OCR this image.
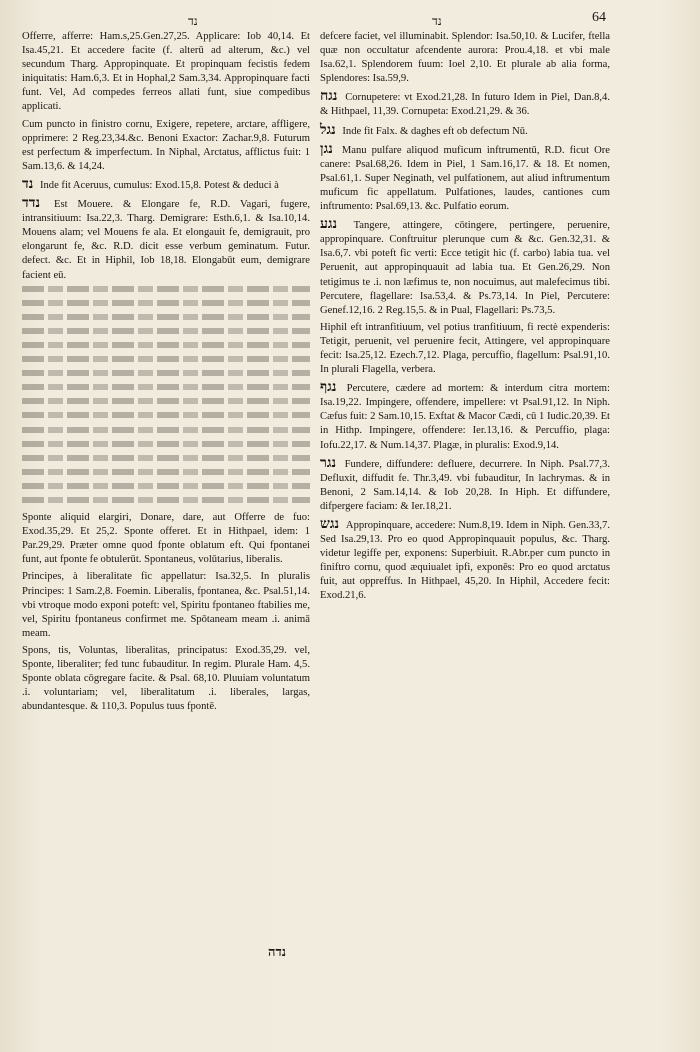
נד	נד	64

Offerre, afferre: Ham.s,25.Gen.27,25. Applicare: Iob 40,14. Et Isa.45,21. Et accedere facite (f. alterū ad alterum, &c.) vel secundum Tharg. Appropinquate. Et propinquam fecistis fedem iniquitatis: Ham.6,3. Et in Hophal,2 Sam.3,34. Appropinquare facti funt. Vel, Ad compedes ferreos allati funt, siue compedibus applicati.

Cum puncto in finistro cornu, Exigere, repetere, arctare, affligere, opprimere: 2 Reg.23,34.&c. Benoni Exactor: Zachar.9,8. Futurum est perfectum & imperfectum. In Niphal, Arctatus, afflictus fuit: 1 Sam.13,6. & 14,24.

נד Inde fit Aceruus, cumulus: Exod.15,8. Potest & deduci à

נדד Est Mouere. & Elongare fe, R.D. Vagari, fugere, intransitiuum: Isa.22,3. Tharg. Demigrare: Esth.6,1. & Isa.10,14. Mouens alam; vel Mouens fe ala. Et elongauit fe, demigrauit, pro elongarunt fe, &c. R.D. dicit esse verbum geminatum. Futur. defect. &c. Et in Hiphil, Iob 18,18. Elongabūt eum, demigrare facient eū.

Sponte aliquid elargiri, Donare, dare, aut Offerre de fuo: Exod.35,29. Et 25,2. Sponte offeret. Et in Hithpael, idem: 1 Par.29,29. Præter omne quod fponte oblatum eft. Qui fpontanei funt, aut fponte fe obtulerūt. Spontaneus, volūtarius, liberalis.

Principes, à liberalitate fic appellatur: Isa.32,5. In pluralis Principes: 1 Sam.2,8. Foemin. Liberalis, fpontanea, &c. Psal.51,14. vbi vtroque modo exponi poteft: vel, Spiritu fpontaneo ftabilies me, vel, Spiritu fpontaneus confirmet me. Spōtaneam meam .i. animā meam.

Spons, tis, Voluntas, liberalitas, principatus: Exod.35,29. vel, Sponte, liberaliter; fed tunc fubauditur. In regim. Plurale Ham. 4,5. Sponte oblata cōgregare facite. & Psal. 68,10. Pluuiam voluntatum .i. voluntariam; vel, liberalitatum .i. liberales, largas, abundantesque. & 110,3. Populus tuus fpontē.

defcere faciet, vel illuminabit. Splendor: Isa.50,10. & Lucifer, ftella quæ non occultatur afcendente aurora: Prou.4,18. et vbi male Isa.62,1. Splendorem fuum: Ioel 2,10. Et plurale ab alia forma, Splendores: Isa.59,9.

נגח Cornupetere: vt Exod.21,28. In futuro Idem in Piel, Dan.8,4. & Hithpael, 11,39. Cornupeta: Exod.21,29. & 36.

נגל Inde fit Falx. & daghes eft ob defectum Nū.

נגן Manu pulfare aliquod muficum inftrumentū, R.D. ficut Ore canere: Psal.68,26. Idem in Piel, 1 Sam.16,17. & 18. Et nomen, Psal.61,1. Super Neginath, vel pulfationem, aut aliud inftrumentum muficum fic appellatum. Pulfationes, laudes, cantiones cum inftrumento: Psal.69,13. &c. Pulfatio eorum.

נגע Tangere, attingere, cōtingere, pertingere, peruenire, appropinquare. Conftruitur plerunque cum & &c. Gen.32,31. & Isa.6,7. vbi poteft fic verti: Ecce tetigit hic (f. carbo) labia tua. vel Peruenit, aut appropinquauit ad labia tua. Et Gen.26,29. Non tetigimus te .i. non læfimus te, non nocuimus, aut malefecimus tibi. Percutere, flagellare: Isa.53,4. & Ps.73,14. In Piel, Percutere: Genef.12,16. 2 Reg.15,5. & in Pual, Flagellari: Ps.73,5.

Hiphil eft intranfitiuum, vel potius tranfitiuum, fi rectè expenderis: Tetigit, peruenit, vel peruenire fecit, Attingere, vel appropinquare fecit: Isa.25,12. Ezech.7,12. Plaga, percuffio, flagellum: Psal.91,10. In plurali Flagella, verbera.

נגף Percutere, cædere ad mortem: & interdum citra mortem: Isa.19,22. Impingere, offendere, impellere: vt Psal.91,12. In Niph. Cæfus fuit: 2 Sam.10,15. Exftat & Macor Cædi, cū 1 Iudic.20,39. Et in Hithp. Impingere, offendere: Ier.13,16. & Percuffio, plaga: Iofu.22,17. & Num.14,37. Plagæ, in pluralis: Exod.9,14.

נגר Fundere, diffundere: defluere, decurrere. In Niph. Psal.77,3. Defluxit, diffudit fe. Thr.3,49. vbi fubauditur, In lachrymas. & in Benoni, 2 Sam.14,14. & Iob 20,28. In Hiph. Et diffundere, difpergere faciam: & Ier.18,21.

נגש Appropinquare, accedere: Num.8,19. Idem in Niph. Gen.33,7. Sed Isa.29,13. Pro eo quod Appropinquauit populus, &c. Tharg. videtur legiffe per, exponens: Superbiuit. R.Abr.per cum puncto in finiftro cornu, quod æquiualet ipfi, exponēs: Pro eo quod arctatus fuit, aut oppreffus. In Hithpael, 45,20. In Hiphil, Accedere fecit: Exod.21,6.

נדה
